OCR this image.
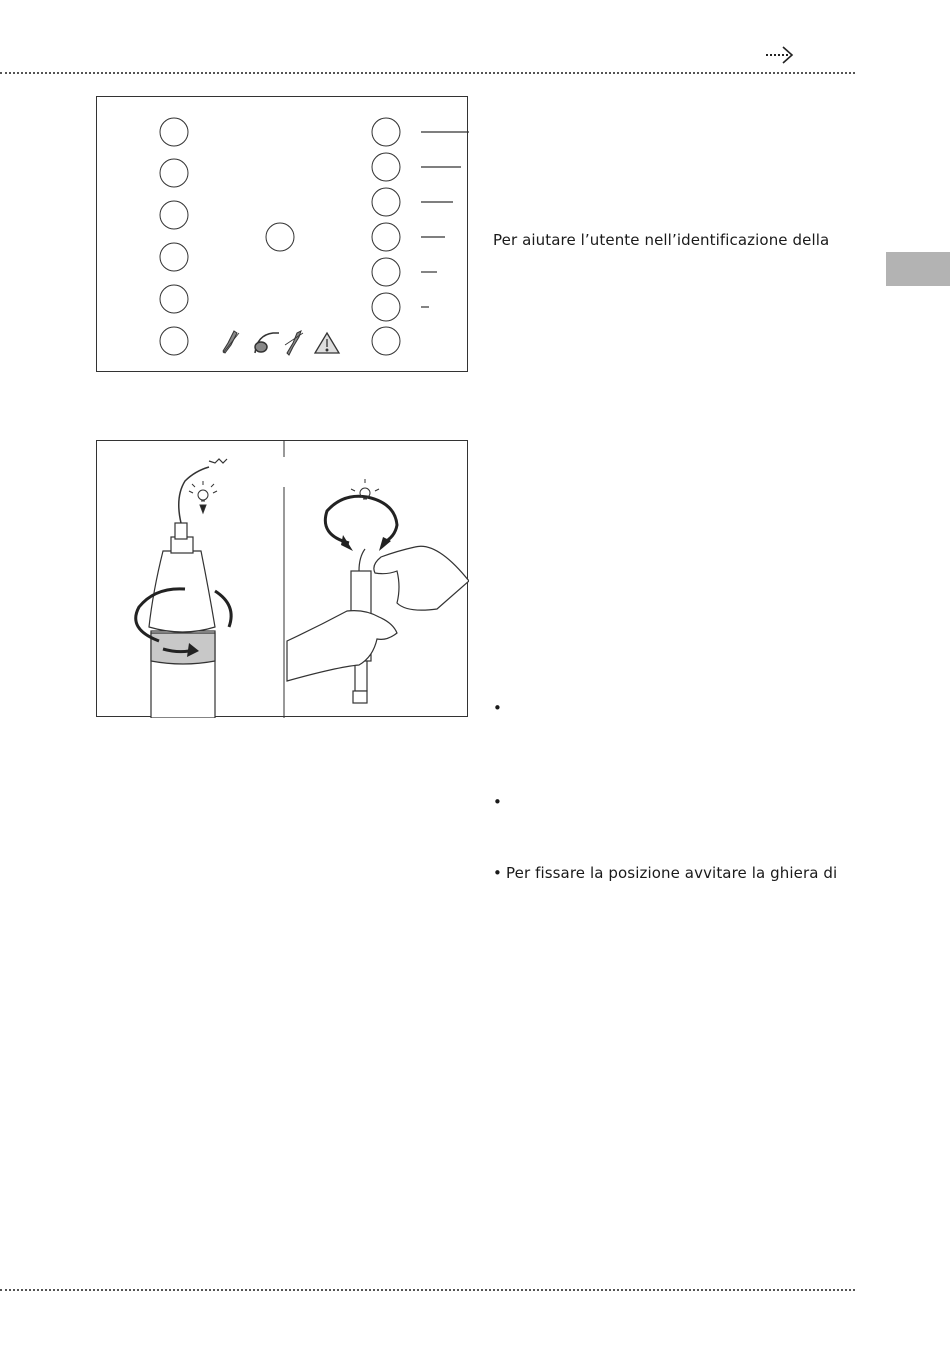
Per aiutare l’utente nell’identificazione della
•
•
• Per fissare la posizione avvitare la ghiera di
